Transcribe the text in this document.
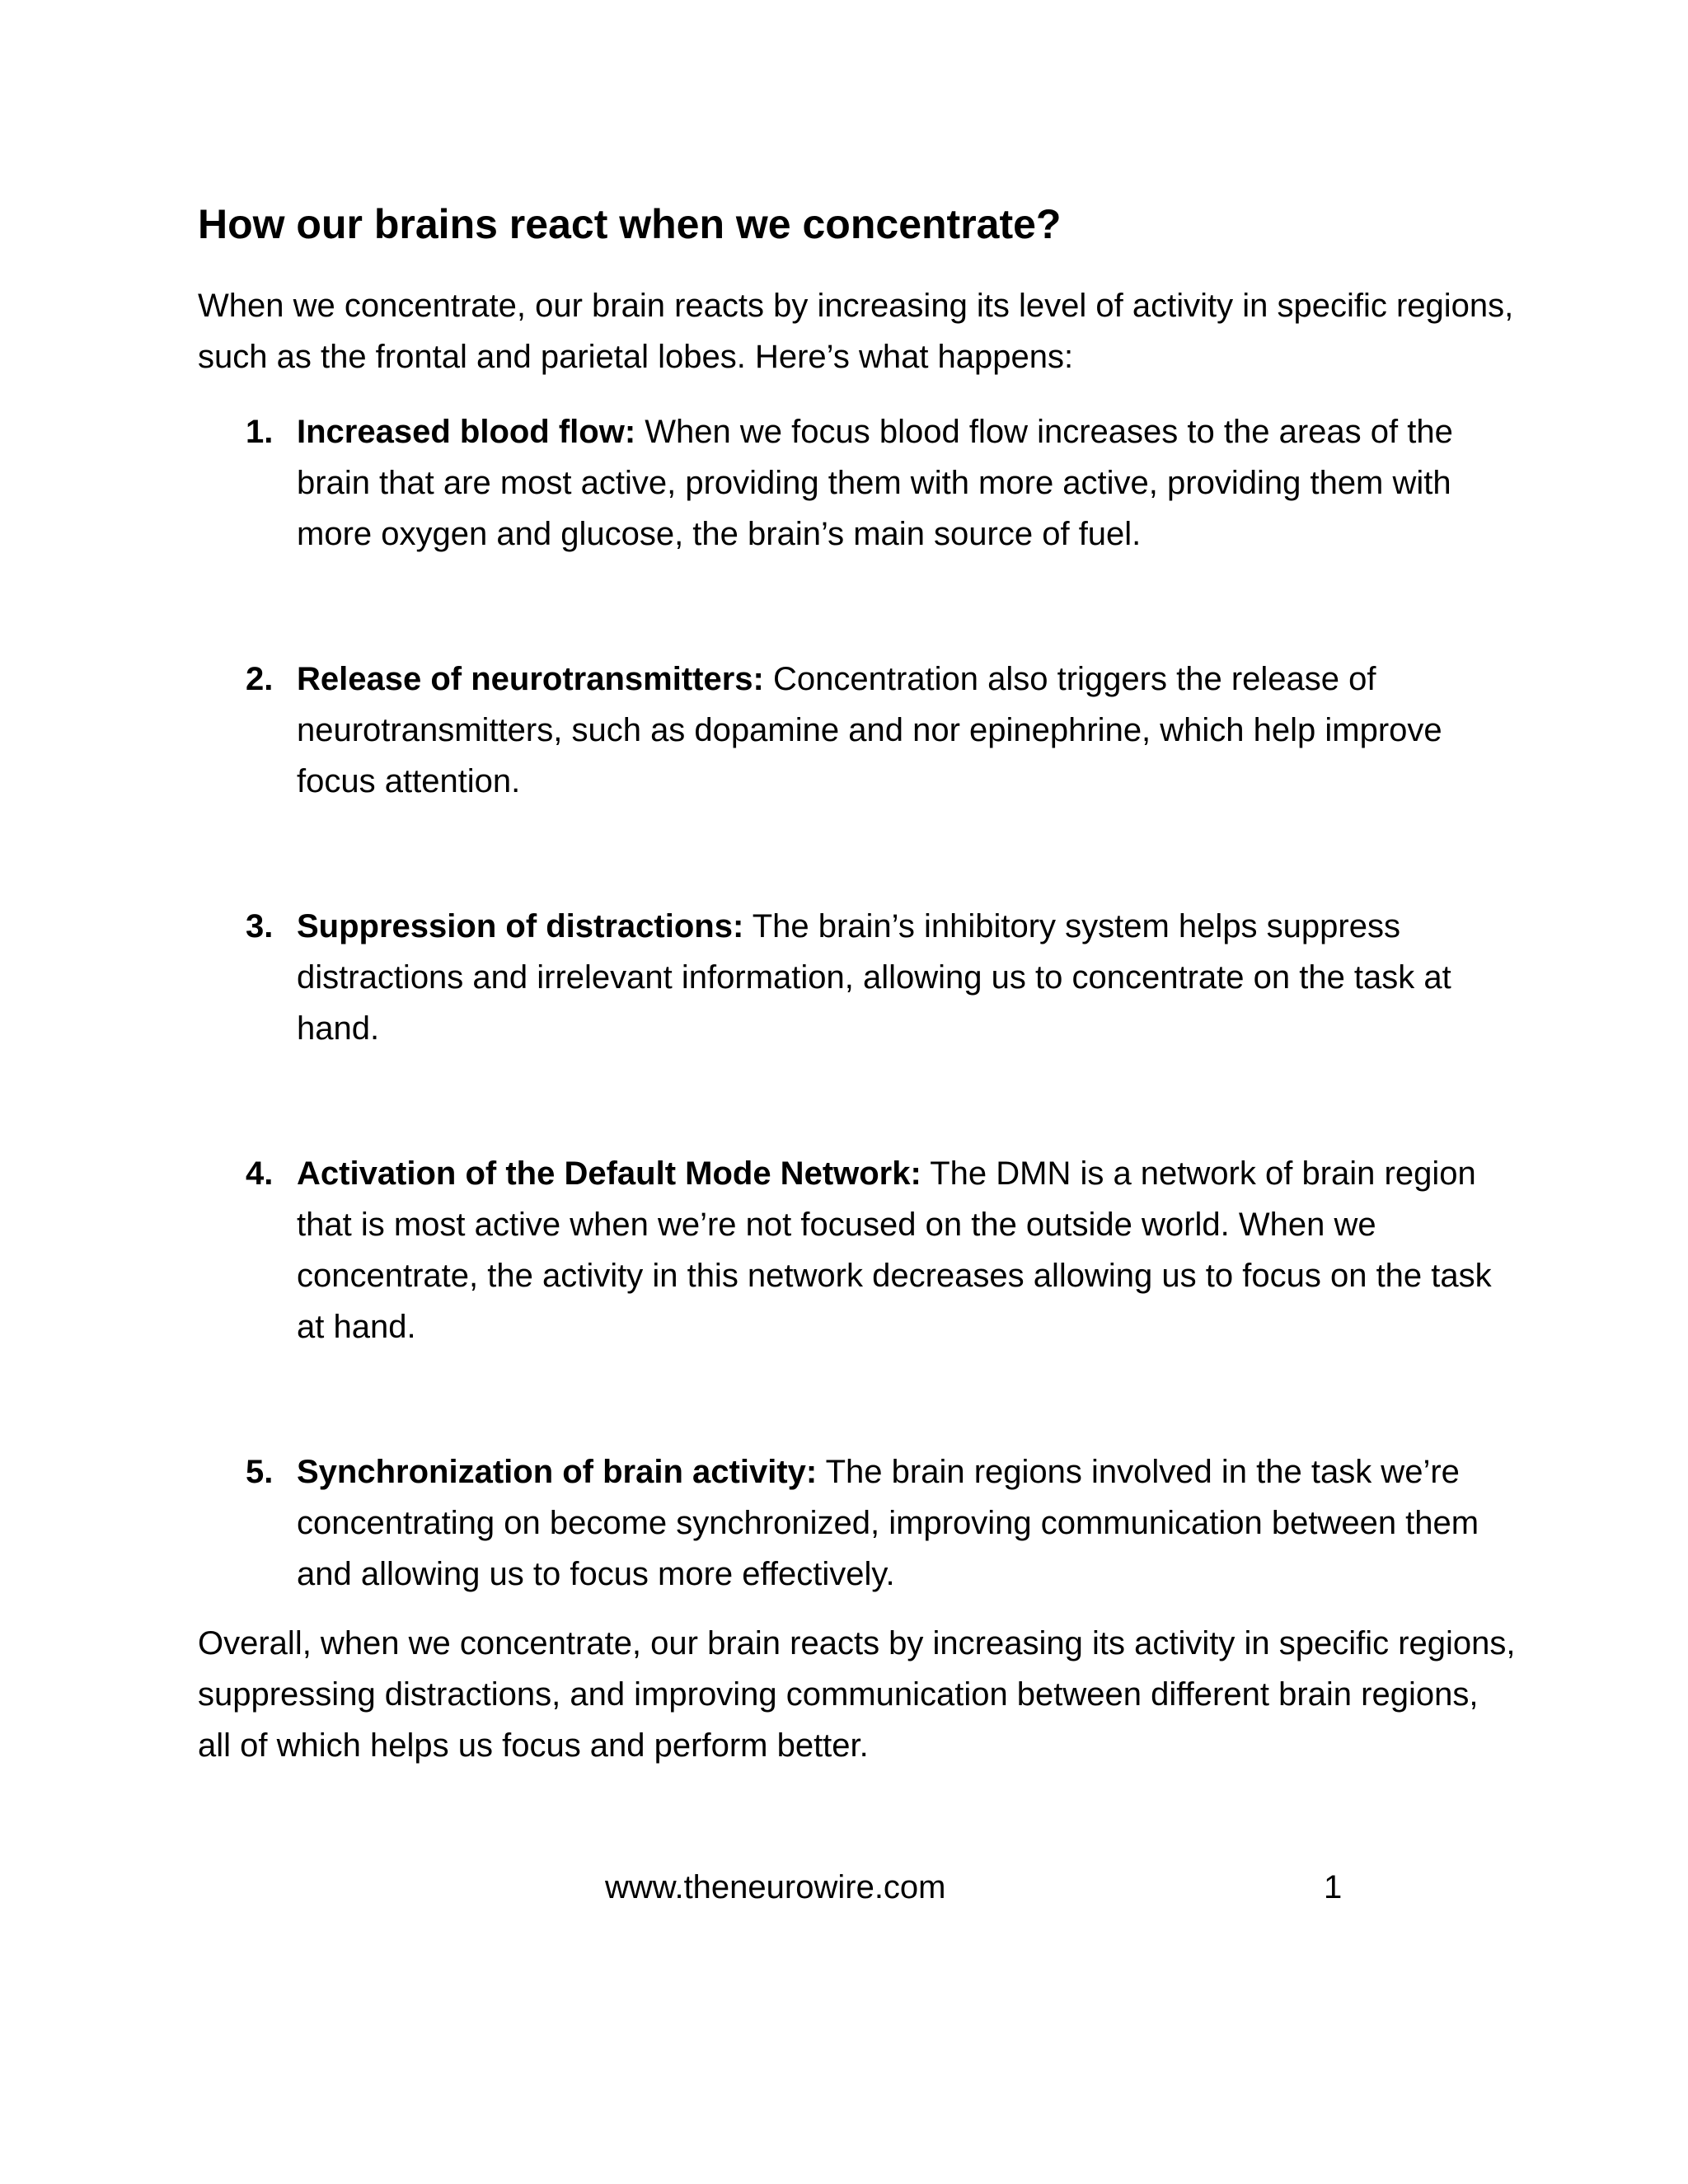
How our brains react when we concentrate?

When we concentrate, our brain reacts by increasing its level of activity in specific regions, such as the frontal and parietal lobes. Here’s what happens:

1. Increased blood flow: When we focus blood flow increases to the areas of the brain that are most active, providing them with more active, providing them with more oxygen and glucose, the brain’s main source of fuel.
2. Release of neurotransmitters: Concentration also triggers the release of neurotransmitters, such as dopamine and nor epinephrine, which help improve focus attention.
3. Suppression of distractions: The brain’s inhibitory system helps suppress distractions and irrelevant information, allowing us to concentrate on the task at hand.
4. Activation of the Default Mode Network: The DMN is a network of brain region that is most active when we’re not focused on the outside world. When we concentrate, the activity in this network decreases allowing us to focus on the task at hand.
5. Synchronization of brain activity: The brain regions involved in the task we’re concentrating on become synchronized, improving communication between them and allowing us to focus more effectively.

Overall, when we concentrate, our brain reacts by increasing its activity in specific regions, suppressing distractions, and improving communication between different brain regions, all of which helps us focus and perform better.

www.theneurowire.com	1
